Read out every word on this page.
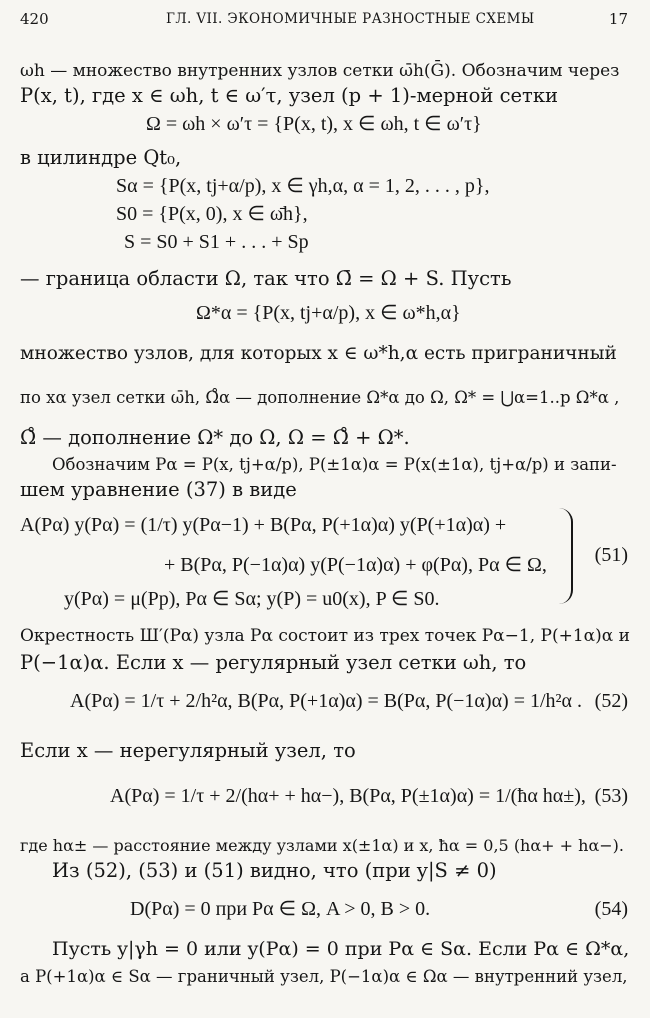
420	ГЛ. VII. ЭКОНОМИЧНЫЕ РАЗНОСТНЫЕ СХЕМЫ	17
ωh — множество внутренних узлов сетки ω̄h(Ḡ). Обозначим через
P(x, t), где x ∈ ωh, t ∈ ω′τ, узел (p + 1)-мерной сетки
Ω = ωh × ω′τ = {P(x, t), x ∈ ωh, t ∈ ω′τ}
в цилиндре Qt₀,
Sα = {P(x, tj+α/p), x ∈ γh,α, α = 1, 2, . . . , p},
S0 = {P(x, 0), x ∈ ω̄h},
S = S0 + S1 + . . . + Sp
— граница области Ω, так что Ω̄ = Ω + S. Пусть
Ω*α = {P(x, tj+α/p), x ∈ ω*h,α}
множество узлов, для которых x ∈ ω*h,α есть приграничный
по xα узел сетки ω̄h, Ω̊α — дополнение Ω*α до Ω, Ω* = ⋃α=1..p Ω*α ,
Ω̊ — дополнение Ω* до Ω, Ω = Ω̊ + Ω*.
Обозначим Pα = P(x, tj+α/p), P(±1α)α = P(x(±1α), tj+α/p) и запи-
шем уравнение (37) в виде
A(Pα) y(Pα) = (1/τ) y(Pα−1) + B(Pα, P(+1α)α) y(P(+1α)α) +
+ B(Pα, P(−1α)α) y(P(−1α)α) + φ(Pα), Pα ∈ Ω,
y(Pα) = μ(Pp), Pα ∈ Sα; y(P) = u0(x), P ∈ S0.
(51)
Окрестность Ш′(Pα) узла Pα состоит из трех точек Pα−1, P(+1α)α и
P(−1α)α. Если x — регулярный узел сетки ωh, то
A(Pα) = 1/τ + 2/h²α, B(Pα, P(+1α)α) = B(Pα, P(−1α)α) = 1/h²α . (52)
Если x — нерегулярный узел, то
A(Pα) = 1/τ + 2/(hα+ + hα−), B(Pα, P(±1α)α) = 1/(ħα hα±), (53)
где hα± — расстояние между узлами x(±1α) и x, ħα = 0,5 (hα+ + hα−).
Из (52), (53) и (51) видно, что (при y|S ≠ 0)
D(Pα) = 0 при Pα ∈ Ω, A > 0, B > 0.	(54)
Пусть y|γh = 0 или y(Pα) = 0 при Pα ∈ Sα. Если Pα ∈ Ω*α,
а P(+1α)α ∈ Sα — граничный узел, P(−1α)α ∈ Ωα — внутренний узел,
